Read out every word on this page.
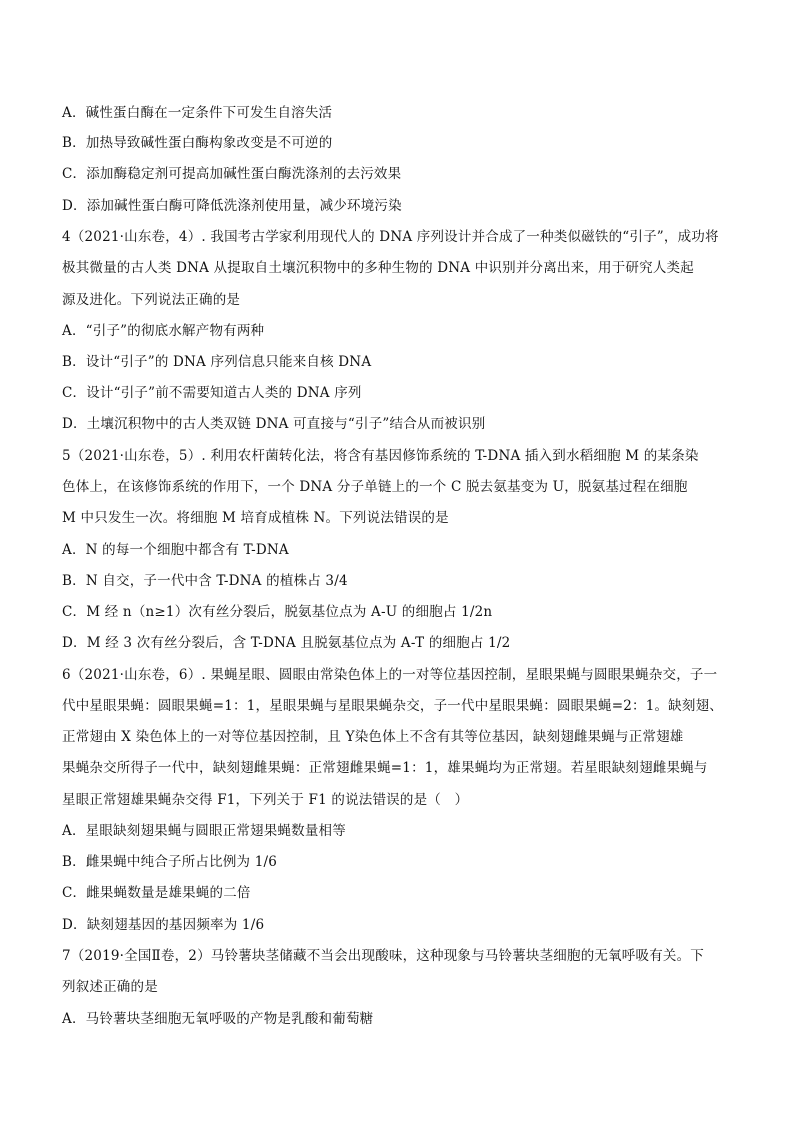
A．碱性蛋白酶在一定条件下可发生自溶失活
B．加热导致碱性蛋白酶构象改变是不可逆的
C．添加酶稳定剂可提高加碱性蛋白酶洗涤剂的去污效果
D．添加碱性蛋白酶可降低洗涤剂使用量，减少环境污染
4（2021·山东卷，4）. 我国考古学家利用现代人的 DNA 序列设计并合成了一种类似磁铁的“引子”，成功将
极其微量的古人类 DNA 从提取自土壤沉积物中的多种生物的 DNA 中识别并分离出来，用于研究人类起
源及进化。下列说法正确的是
A．“引子”的彻底水解产物有两种
B．设计“引子”的 DNA 序列信息只能来自核 DNA
C．设计“引子”前不需要知道古人类的 DNA 序列
D．土壤沉积物中的古人类双链 DNA 可直接与“引子”结合从而被识别
5（2021·山东卷，5）. 利用农杆菌转化法，将含有基因修饰系统的 T-DNA 插入到水稻细胞 M 的某条染
色体上，在该修饰系统的作用下，一个 DNA 分子单链上的一个 C 脱去氨基变为 U，脱氨基过程在细胞
M 中只发生一次。将细胞 M 培育成植株 N。下列说法错误的是
A．N 的每一个细胞中都含有 T-DNA
B．N 自交，子一代中含 T-DNA 的植株占 3/4
C．M 经 n（n≥1）次有丝分裂后，脱氨基位点为 A-U 的细胞占 1/2n
D．M 经 3 次有丝分裂后，含 T-DNA 且脱氨基位点为 A-T 的细胞占 1/2
6（2021·山东卷，6）. 果蝇星眼、圆眼由常染色体上的一对等位基因控制，星眼果蝇与圆眼果蝇杂交，子一
代中星眼果蝇：圆眼果蝇=1：1，星眼果蝇与星眼果蝇杂交，子一代中星眼果蝇：圆眼果蝇=2：1。缺刻翅、
正常翅由 X 染色体上的一对等位基因控制，且 Y染色体上不含有其等位基因，缺刻翅雌果蝇与正常翅雄
果蝇杂交所得子一代中，缺刻翅雌果蝇：正常翅雌果蝇=1：1，雄果蝇均为正常翅。若星眼缺刻翅雌果蝇与
星眼正常翅雄果蝇杂交得 F1，下列关于 F1 的说法错误的是（　）
A．星眼缺刻翅果蝇与圆眼正常翅果蝇数量相等
B．雌果蝇中纯合子所占比例为 1/6
C．雌果蝇数量是雄果蝇的二倍
D．缺刻翅基因的基因频率为 1/6
7（2019·全国Ⅱ卷，2）马铃薯块茎储藏不当会出现酸味，这种现象与马铃薯块茎细胞的无氧呼吸有关。下
列叙述正确的是
A．马铃薯块茎细胞无氧呼吸的产物是乳酸和葡萄糖
